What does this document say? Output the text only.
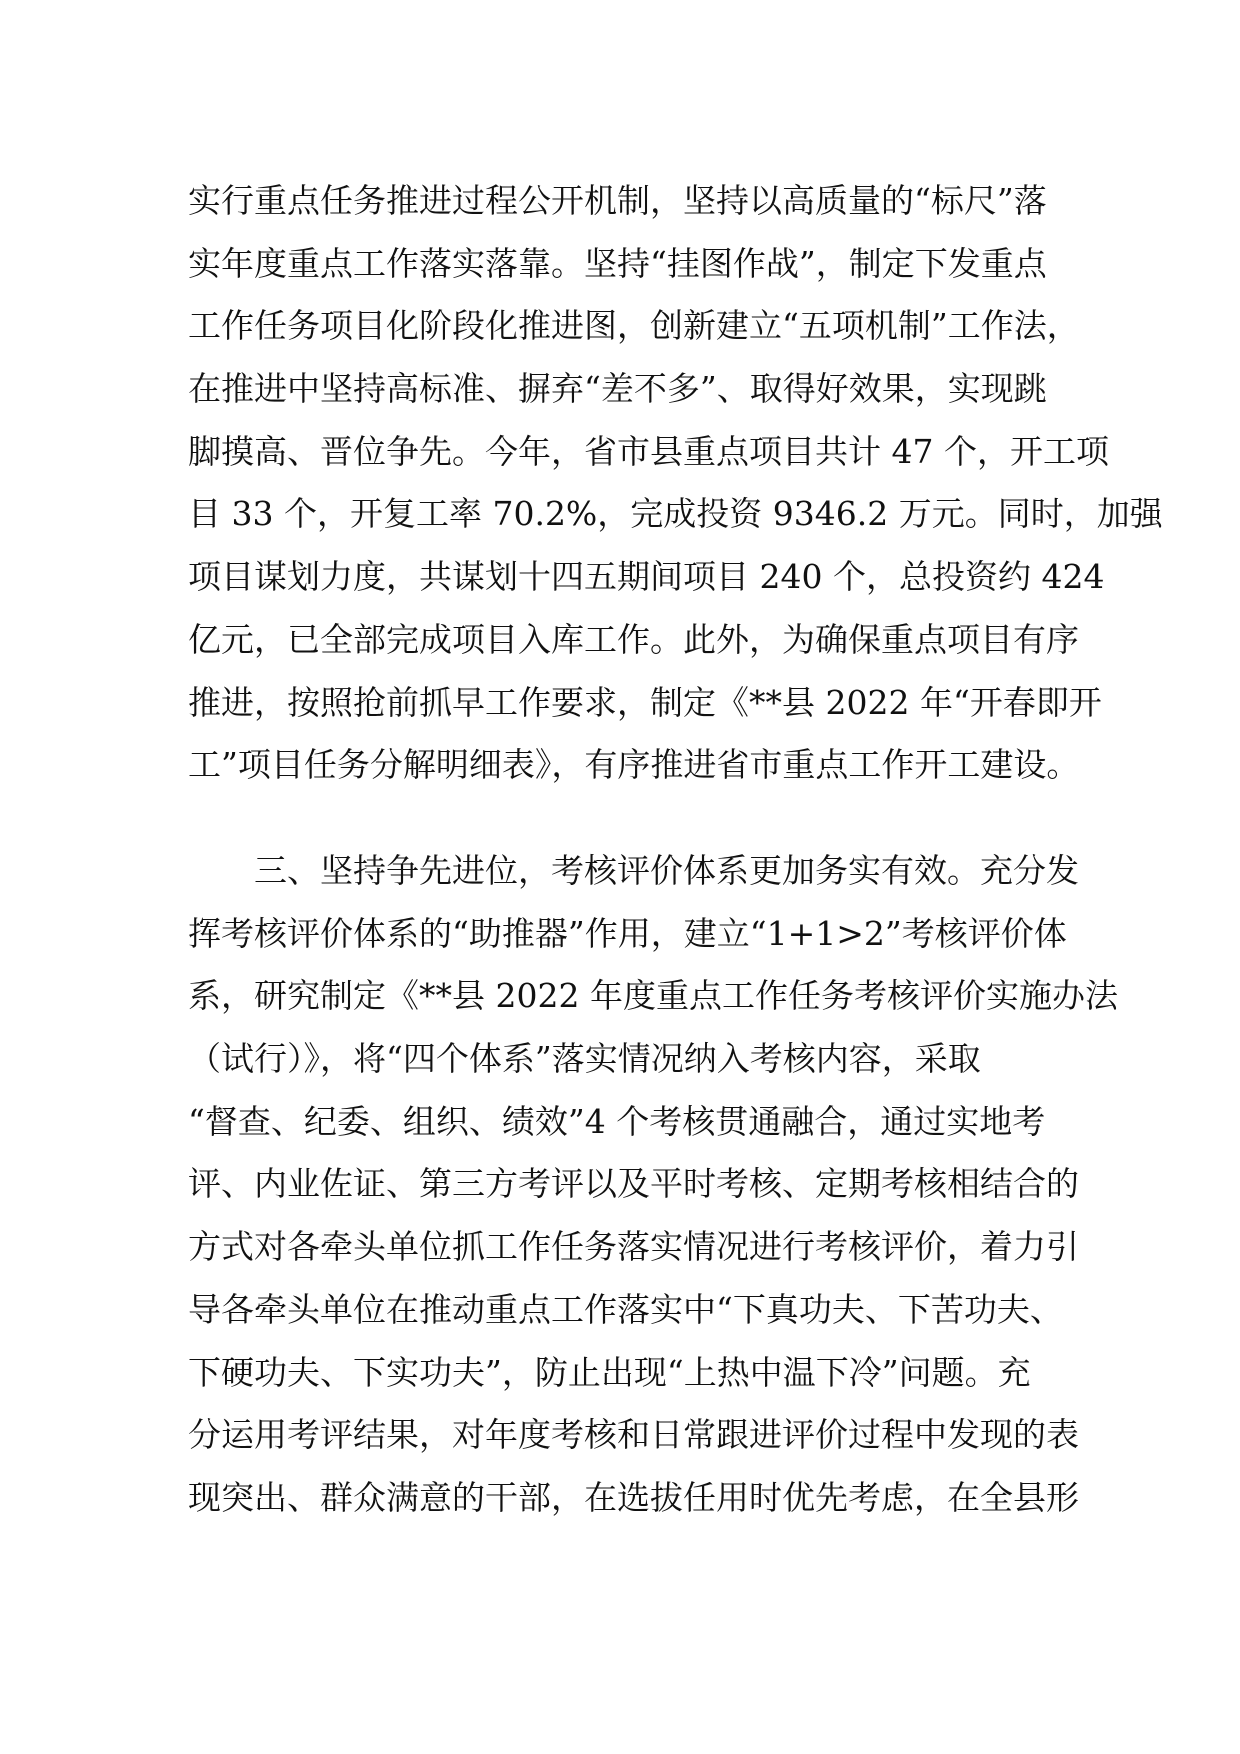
实行重点任务推进过程公开机制，坚持以高质量的“标尺”落
实年度重点工作落实落靠。坚持“挂图作战”，制定下发重点
工作任务项目化阶段化推进图，创新建立“五项机制”工作法，
在推进中坚持高标准、摒弃“差不多”、取得好效果，实现跳
脚摸高、晋位争先。今年，省市县重点项目共计 47 个，开工项
目 33 个，开复工率 70.2%，完成投资 9346.2 万元。同时，加强
项目谋划力度，共谋划十四五期间项目 240 个，总投资约 424
亿元，已全部完成项目入库工作。此外，为确保重点项目有序
推进，按照抢前抓早工作要求，制定《**县 2022 年“开春即开
工”项目任务分解明细表》，有序推进省市重点工作开工建设。
　　三、坚持争先进位，考核评价体系更加务实有效。充分发
挥考核评价体系的“助推器”作用，建立“1+1>2”考核评价体
系，研究制定《**县 2022 年度重点工作任务考核评价实施办法
（试行）》，将“四个体系”落实情况纳入考核内容，采取
“督查、纪委、组织、绩效”4 个考核贯通融合，通过实地考
评、内业佐证、第三方考评以及平时考核、定期考核相结合的
方式对各牵头单位抓工作任务落实情况进行考核评价，着力引
导各牵头单位在推动重点工作落实中“下真功夫、下苦功夫、
下硬功夫、下实功夫”，防止出现“上热中温下冷”问题。充
分运用考评结果，对年度考核和日常跟进评价过程中发现的表
现突出、群众满意的干部，在选拔任用时优先考虑，在全县形
